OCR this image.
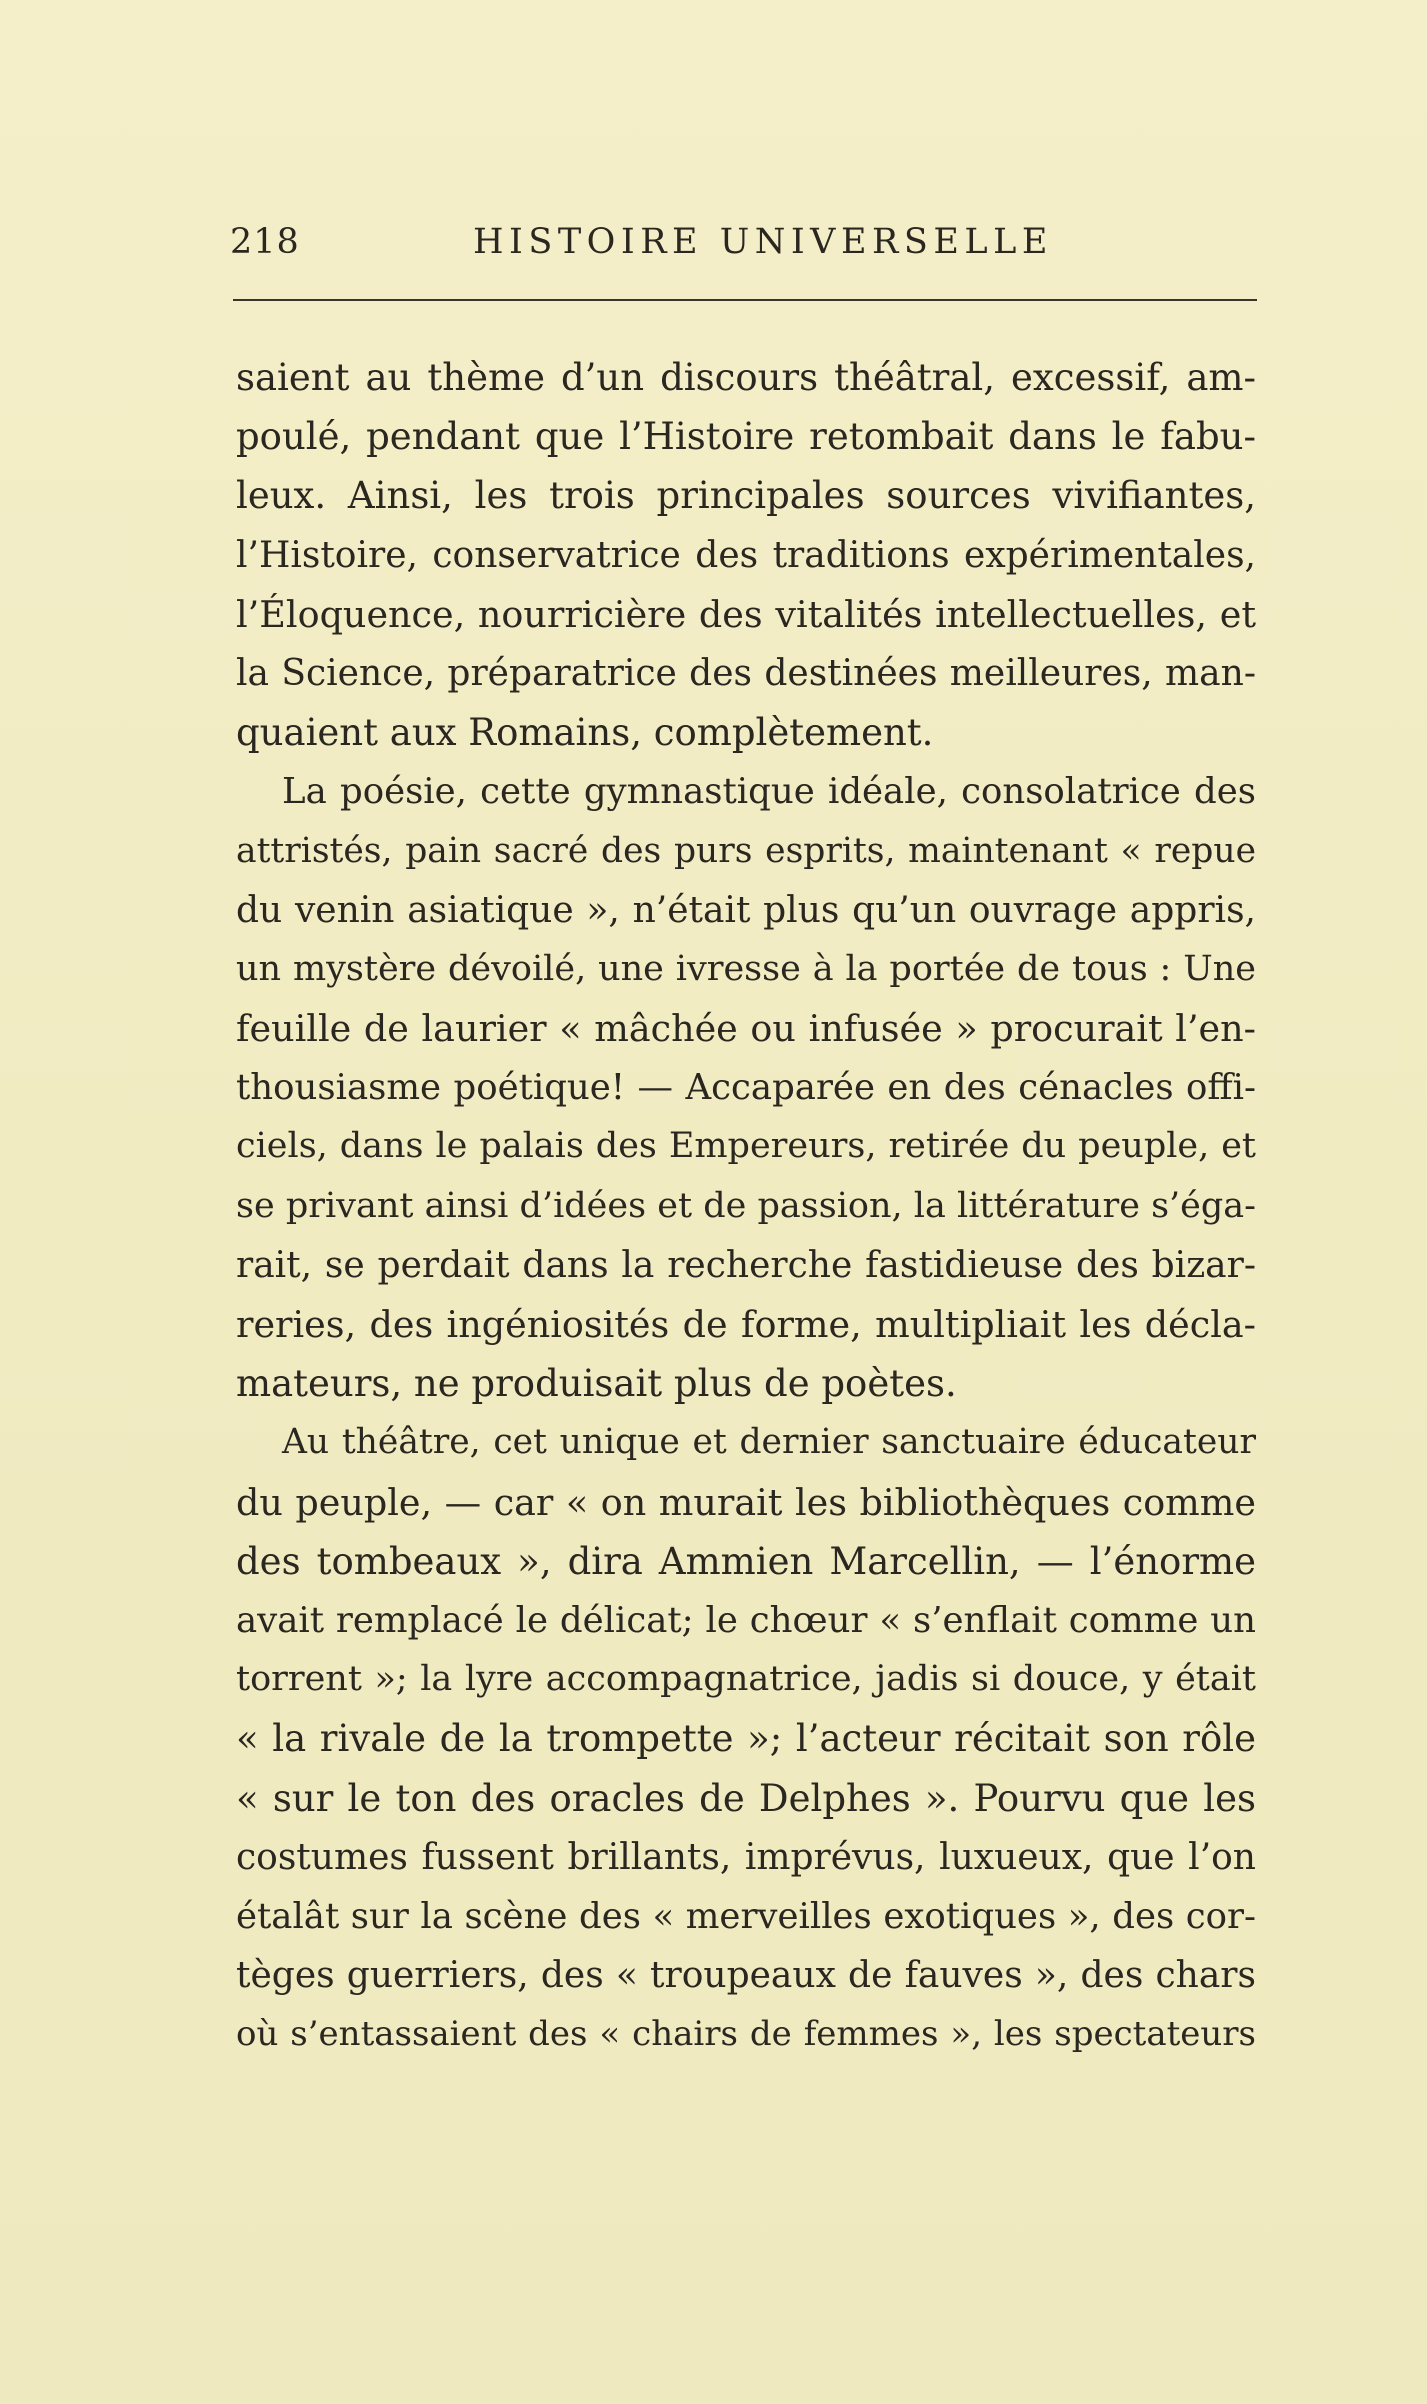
218	HISTOIRE UNIVERSELLE
saient au thème d’un discours théâtral, excessif, am-
poulé, pendant que l’Histoire retombait dans le fabu-
leux. Ainsi, les trois principales sources vivifiantes,
l’Histoire, conservatrice des traditions expérimentales,
l’Éloquence, nourricière des vitalités intellectuelles, et
la Science, préparatrice des destinées meilleures, man-
quaient aux Romains, complètement.
La poésie, cette gymnastique idéale, consolatrice des
attristés, pain sacré des purs esprits, maintenant « repue
du venin asiatique », n’était plus qu’un ouvrage appris,
un mystère dévoilé, une ivresse à la portée de tous : Une
feuille de laurier « mâchée ou infusée » procurait l’en-
thousiasme poétique! — Accaparée en des cénacles offi-
ciels, dans le palais des Empereurs, retirée du peuple, et
se privant ainsi d’idées et de passion, la littérature s’éga-
rait, se perdait dans la recherche fastidieuse des bizar-
reries, des ingéniosités de forme, multipliait les décla-
mateurs, ne produisait plus de poètes.
Au théâtre, cet unique et dernier sanctuaire éducateur
du peuple, — car « on murait les bibliothèques comme
des tombeaux », dira Ammien Marcellin, — l’énorme
avait remplacé le délicat; le chœur « s’enflait comme un
torrent »; la lyre accompagnatrice, jadis si douce, y était
« la rivale de la trompette »; l’acteur récitait son rôle
« sur le ton des oracles de Delphes ». Pourvu que les
costumes fussent brillants, imprévus, luxueux, que l’on
étalât sur la scène des « merveilles exotiques », des cor-
tèges guerriers, des « troupeaux de fauves », des chars
où s’entassaient des « chairs de femmes », les spectateurs
